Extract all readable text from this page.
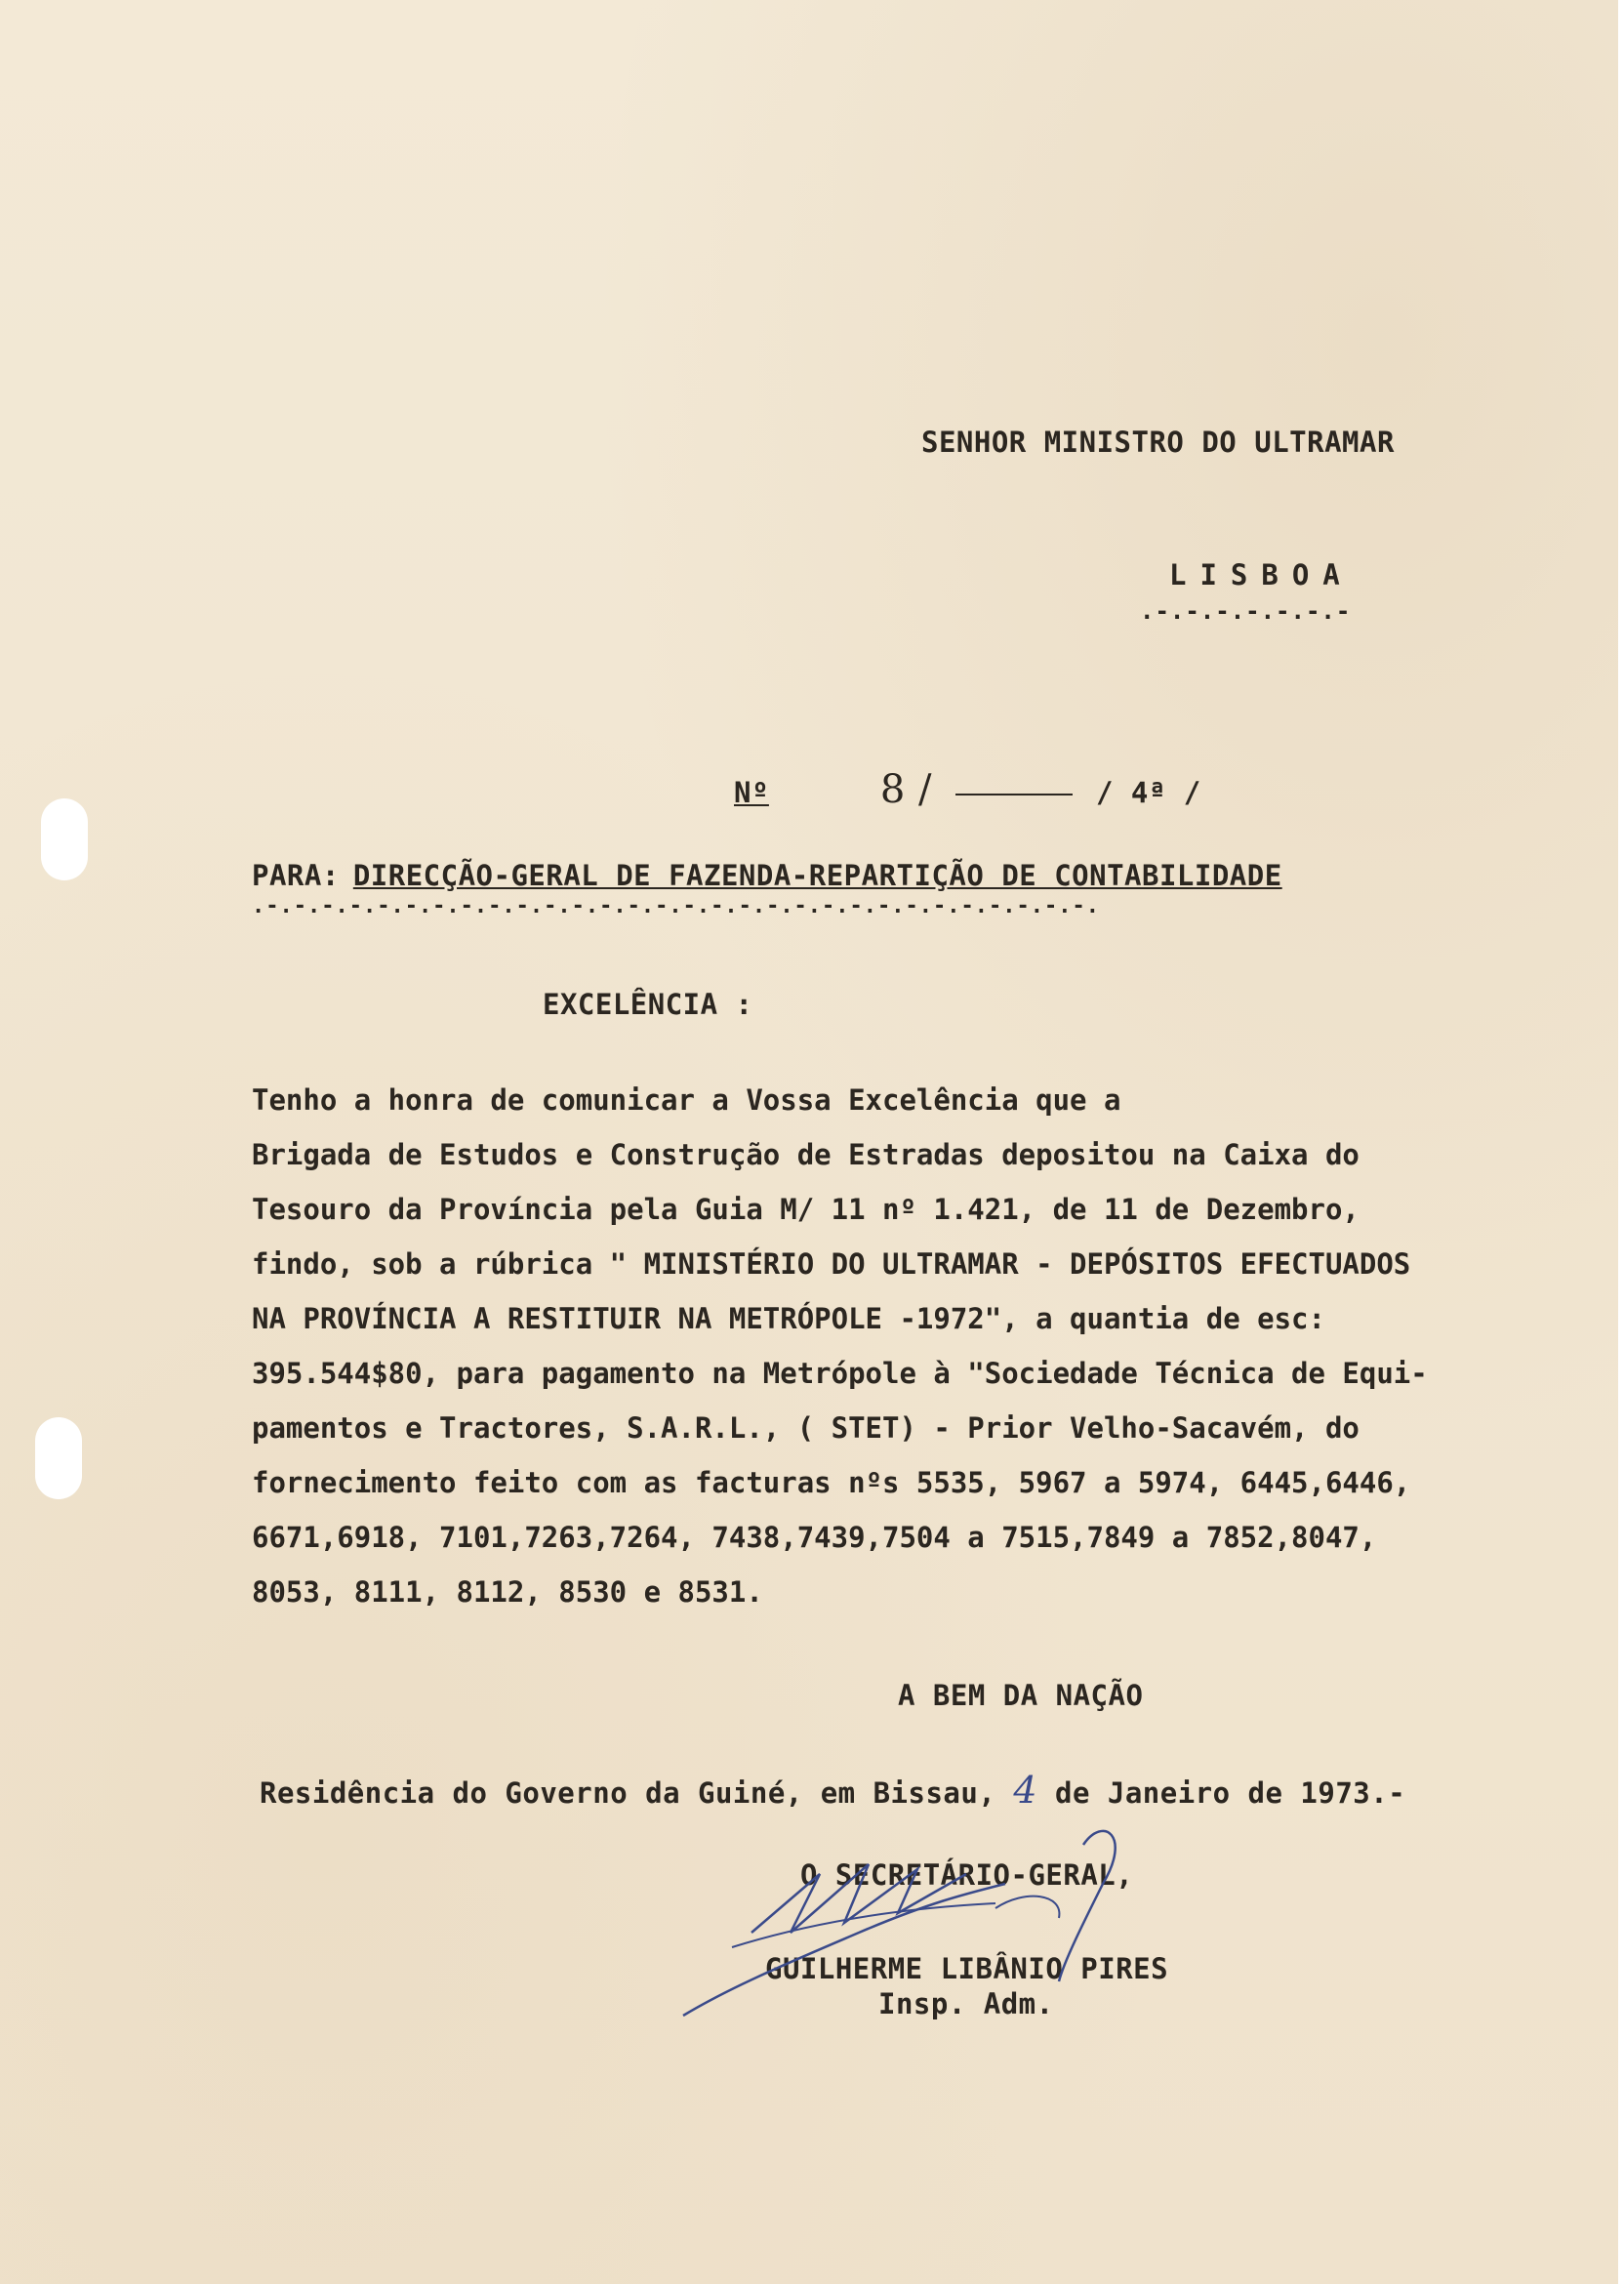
SENHOR MINISTRO DO ULTRAMAR
LISBOA
.-.-.-.-.-.-.-
Nº	8 /	/ 4ª /
PARA: DIRECÇÃO-GERAL DE FAZENDA-REPARTIÇÃO DE CONTABILIDADE
.-.-.-.-.-.-.-.-.-.-.-.-.-.-.-.-.-.-.-.-.-.-.-.-.-.-.-.-.-.-.
EXCELÊNCIA :
Tenho a honra de comunicar a Vossa Excelência que a
Brigada de Estudos e Construção de Estradas depositou na Caixa do
Tesouro da Província pela Guia M/ 11 nº 1.421, de 11 de Dezembro,
findo, sob a rúbrica " MINISTÉRIO DO ULTRAMAR - DEPÓSITOS EFECTUADOS
NA PROVÍNCIA A RESTITUIR NA METRÓPOLE -1972", a quantia de esc:
395.544$80, para pagamento na Metrópole à "Sociedade Técnica de Equi-
pamentos e Tractores, S.A.R.L., ( STET) - Prior Velho-Sacavém, do
fornecimento feito com as facturas nºs 5535, 5967 a 5974, 6445,6446,
6671,6918, 7101,7263,7264, 7438,7439,7504 a 7515,7849 a 7852,8047,
8053, 8111, 8112, 8530 e 8531.
A BEM DA NAÇÃO
Residência do Governo da Guiné, em Bissau, 4 de Janeiro de 1973.-
O SECRETÁRIO-GERAL,
GUILHERME LIBÂNIO PIRES
Insp. Adm.
